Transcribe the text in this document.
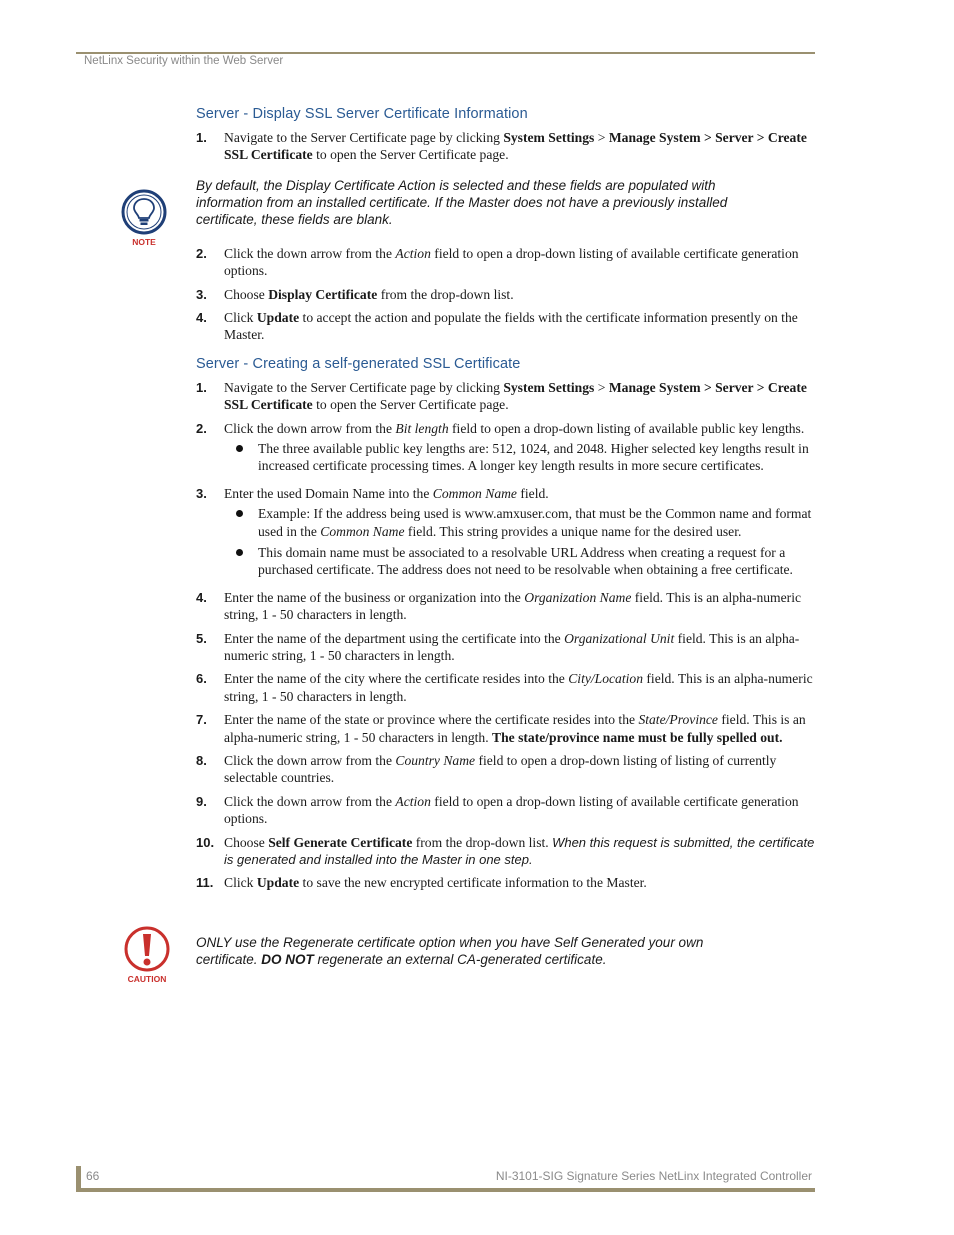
NetLinx Security within the Web Server
NOTE
CAUTION
Server - Display SSL Server Certificate Information
1.	Navigate to the Server Certificate page by clicking System Settings > Manage System > Server > Create SSL Certificate to open the Server Certificate page.
By default, the Display Certificate Action is selected and these fields are populated with information from an installed certificate. If the Master does not have a previously installed certificate, these fields are blank.
2.	Click the down arrow from the Action field to open a drop-down listing of available certificate generation options.
3.	Choose Display Certificate from the drop-down list.
4.	Click Update to accept the action and populate the fields with the certificate information presently on the Master.
Server - Creating a self-generated SSL Certificate
1.	Navigate to the Server Certificate page by clicking System Settings > Manage System > Server > Create SSL Certificate to open the Server Certificate page.
2.	Click the down arrow from the Bit length field to open a drop-down listing of available public key lengths.
The three available public key lengths are: 512, 1024, and 2048. Higher selected key lengths result in increased certificate processing times. A longer key length results in more secure certificates.
3.	Enter the used Domain Name into the Common Name field.
Example: If the address being used is www.amxuser.com, that must be the Common name and format used in the Common Name field. This string provides a unique name for the desired user.
This domain name must be associated to a resolvable URL Address when creating a request for a purchased certificate. The address does not need to be resolvable when obtaining a free certificate.
4.	Enter the name of the business or organization into the Organization Name field. This is an alpha-numeric string, 1 - 50 characters in length.
5.	Enter the name of the department using the certificate into the Organizational Unit field. This is an alpha-numeric string, 1 - 50 characters in length.
6.	Enter the name of the city where the certificate resides into the City/Location field. This is an alpha-numeric string, 1 - 50 characters in length.
7.	Enter the name of the state or province where the certificate resides into the State/Province field. This is an alpha-numeric string, 1 - 50 characters in length. The state/province name must be fully spelled out.
8.	Click the down arrow from the Country Name field to open a drop-down listing of listing of currently selectable countries.
9.	Click the down arrow from the Action field to open a drop-down listing of available certificate generation options.
10. Choose Self Generate Certificate from the drop-down list. When this request is submitted, the certificate is generated and installed into the Master in one step.
11. Click Update to save the new encrypted certificate information to the Master.
ONLY use the Regenerate certificate option when you have Self Generated your own certificate. DO NOT regenerate an external CA-generated certificate.
66	NI-3101-SIG Signature Series NetLinx Integrated Controller
